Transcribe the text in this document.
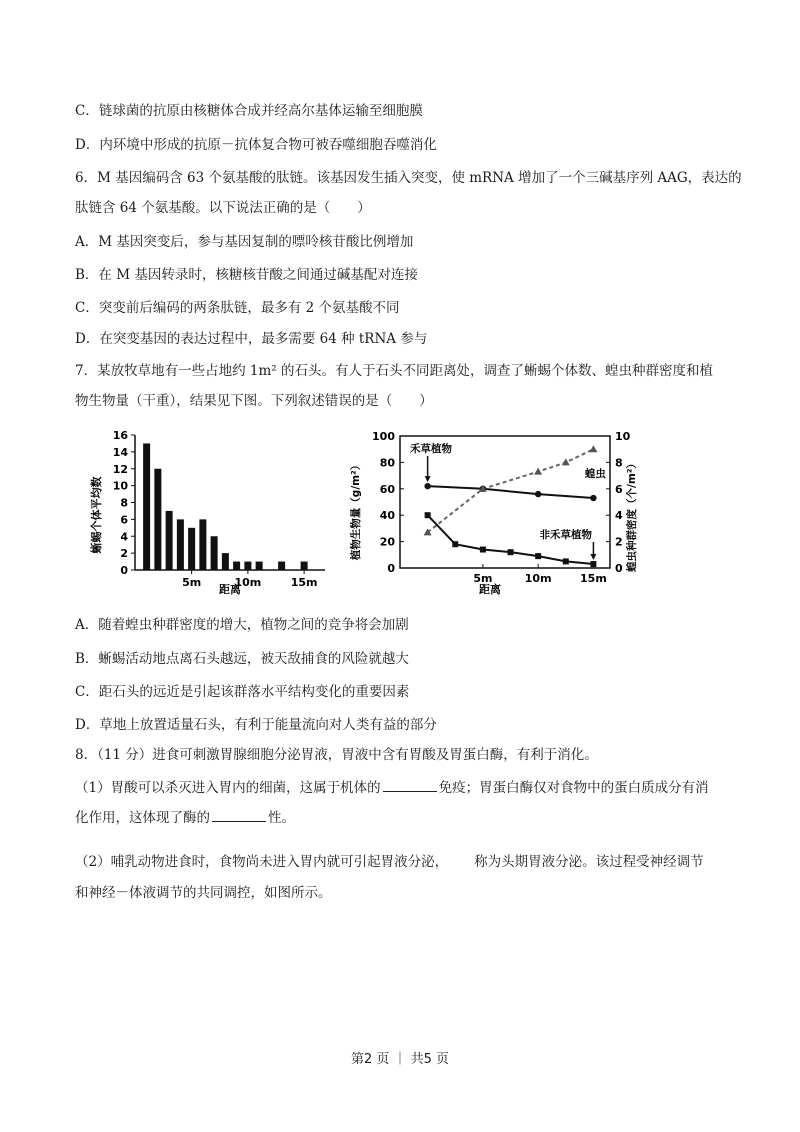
C．链球菌的抗原由核糖体合成并经高尔基体运输至细胞膜
D．内环境中形成的抗原－抗体复合物可被吞噬细胞吞噬消化
6．M 基因编码含 63 个氨基酸的肽链。该基因发生插入突变，使 mRNA 增加了一个三碱基序列 AAG，表达的
肽链含 64 个氨基酸。以下说法正确的是（　　）
A．M 基因突变后，参与基因复制的嘌呤核苷酸比例增加
B．在 M 基因转录时，核糖核苷酸之间通过碱基配对连接
C．突变前后编码的两条肽链，最多有 2 个氨基酸不同
D．在突变基因的表达过程中，最多需要 64 种 tRNA 参与
7．某放牧草地有一些占地约 1m² 的石头。有人于石头不同距离处，调查了蜥蜴个体数、蝗虫种群密度和植
物生物量（干重），结果见下图。下列叙述错误的是（　　）
0
2
4
6
8
10
12
14
16
5m	10m	15m
蜥蜴个体平均数
距离
0
20
40
60
80
100
0
2
4
6
8
10
5m	10m	15m
植物生物量（g/m²）	蝗虫种群密度（个/m²）
距离
禾草植物
蝗虫
非禾草植物
A．随着蝗虫种群密度的增大，植物之间的竞争将会加剧
B．蜥蜴活动地点离石头越远，被天敌捕食的风险就越大
C．距石头的远近是引起该群落水平结构变化的重要因素
D．草地上放置适量石头，有利于能量流向对人类有益的部分
8．（11 分）进食可刺激胃腺细胞分泌胃液，胃液中含有胃酸及胃蛋白酶，有利于消化。
（1）胃酸可以杀灭进入胃内的细菌，这属于机体的	免疫；胃蛋白酶仅对食物中的蛋白质成分有消
化作用，这体现了酶的	性。
（2）哺乳动物进食时，食物尚未进入胃内就可引起胃液分泌， 称为头期胃液分泌。该过程受神经调节
和神经－体液调节的共同调控，如图所示。
第2 页 ｜ 共5 页
